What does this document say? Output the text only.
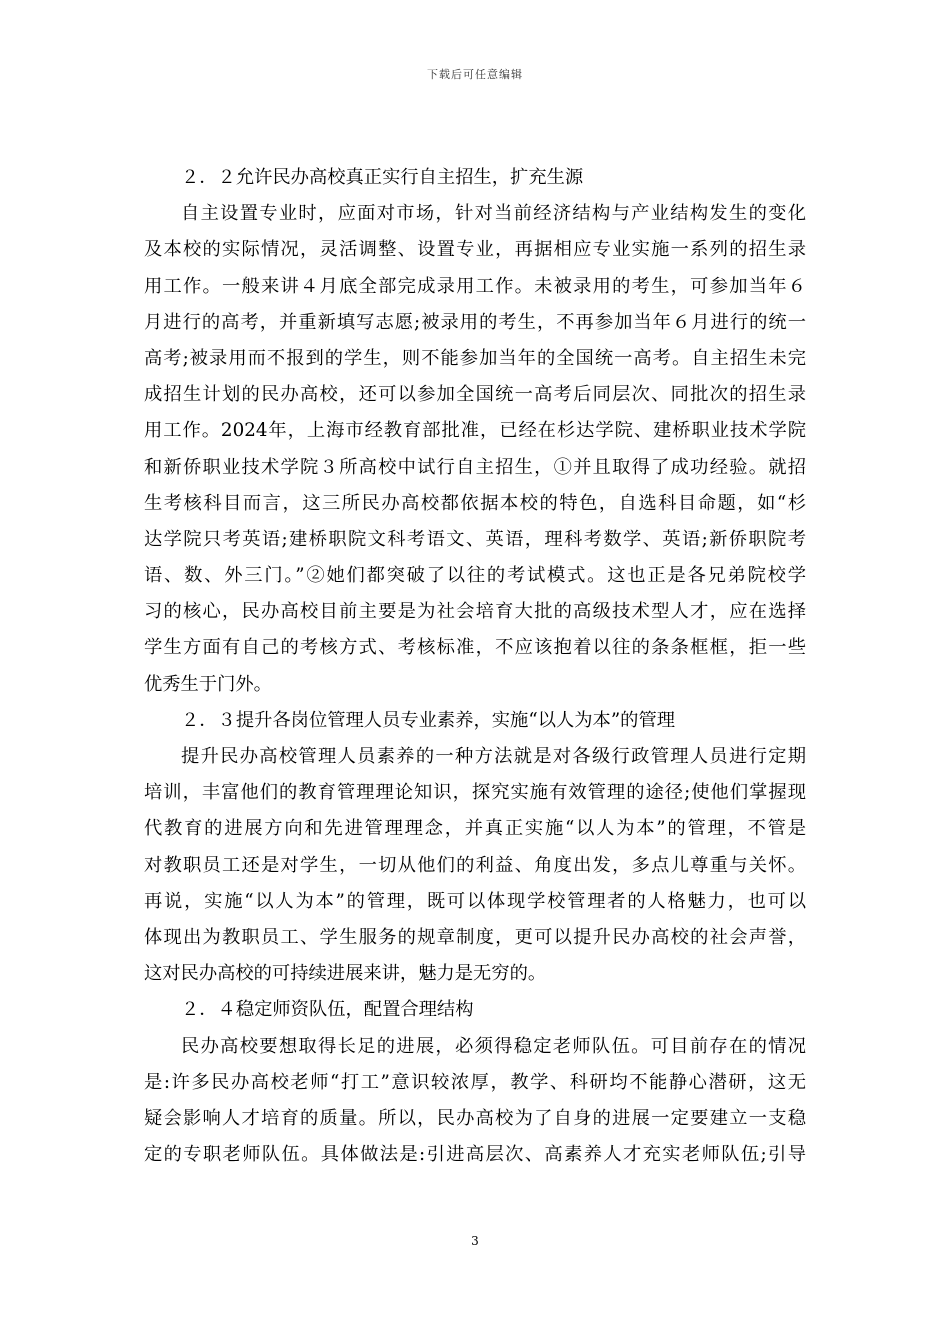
下载后可任意编辑
２．２允许民办高校真正实行自主招生，扩充生源
自主设置专业时，应面对市场，针对当前经济结构与产业结构发生的变化
及本校的实际情况，灵活调整、设置专业，再据相应专业实施一系列的招生录
用工作。一般来讲４月底全部完成录用工作。未被录用的考生，可参加当年６
月进行的高考，并重新填写志愿;被录用的考生，不再参加当年６月进行的统一
高考;被录用而不报到的学生，则不能参加当年的全国统一高考。自主招生未完
成招生计划的民办高校，还可以参加全国统一高考后同层次、同批次的招生录
用工作。2024年，上海市经教育部批准，已经在杉达学院、建桥职业技术学院
和新侨职业技术学院３所高校中试行自主招生，①并且取得了成功经验。就招
生考核科目而言，这三所民办高校都依据本校的特色，自选科目命题，如“杉
达学院只考英语;建桥职院文科考语文、英语，理科考数学、英语;新侨职院考
语、数、外三门。”②她们都突破了以往的考试模式。这也正是各兄弟院校学
习的核心，民办高校目前主要是为社会培育大批的高级技术型人才，应在选择
学生方面有自己的考核方式、考核标准，不应该抱着以往的条条框框，拒一些
优秀生于门外。
２．３提升各岗位管理人员专业素养，实施“以人为本”的管理
提升民办高校管理人员素养的一种方法就是对各级行政管理人员进行定期
培训，丰富他们的教育管理理论知识，探究实施有效管理的途径;使他们掌握现
代教育的进展方向和先进管理理念，并真正实施“以人为本”的管理，不管是
对教职员工还是对学生，一切从他们的利益、角度出发，多点儿尊重与关怀。
再说，实施“以人为本”的管理，既可以体现学校管理者的人格魅力，也可以
体现出为教职员工、学生服务的规章制度，更可以提升民办高校的社会声誉，
这对民办高校的可持续进展来讲，魅力是无穷的。
２．４稳定师资队伍，配置合理结构
民办高校要想取得长足的进展，必须得稳定老师队伍。可目前存在的情况
是:许多民办高校老师“打工”意识较浓厚，教学、科研均不能静心潜研，这无
疑会影响人才培育的质量。所以，民办高校为了自身的进展一定要建立一支稳
定的专职老师队伍。具体做法是:引进高层次、高素养人才充实老师队伍;引导
3
